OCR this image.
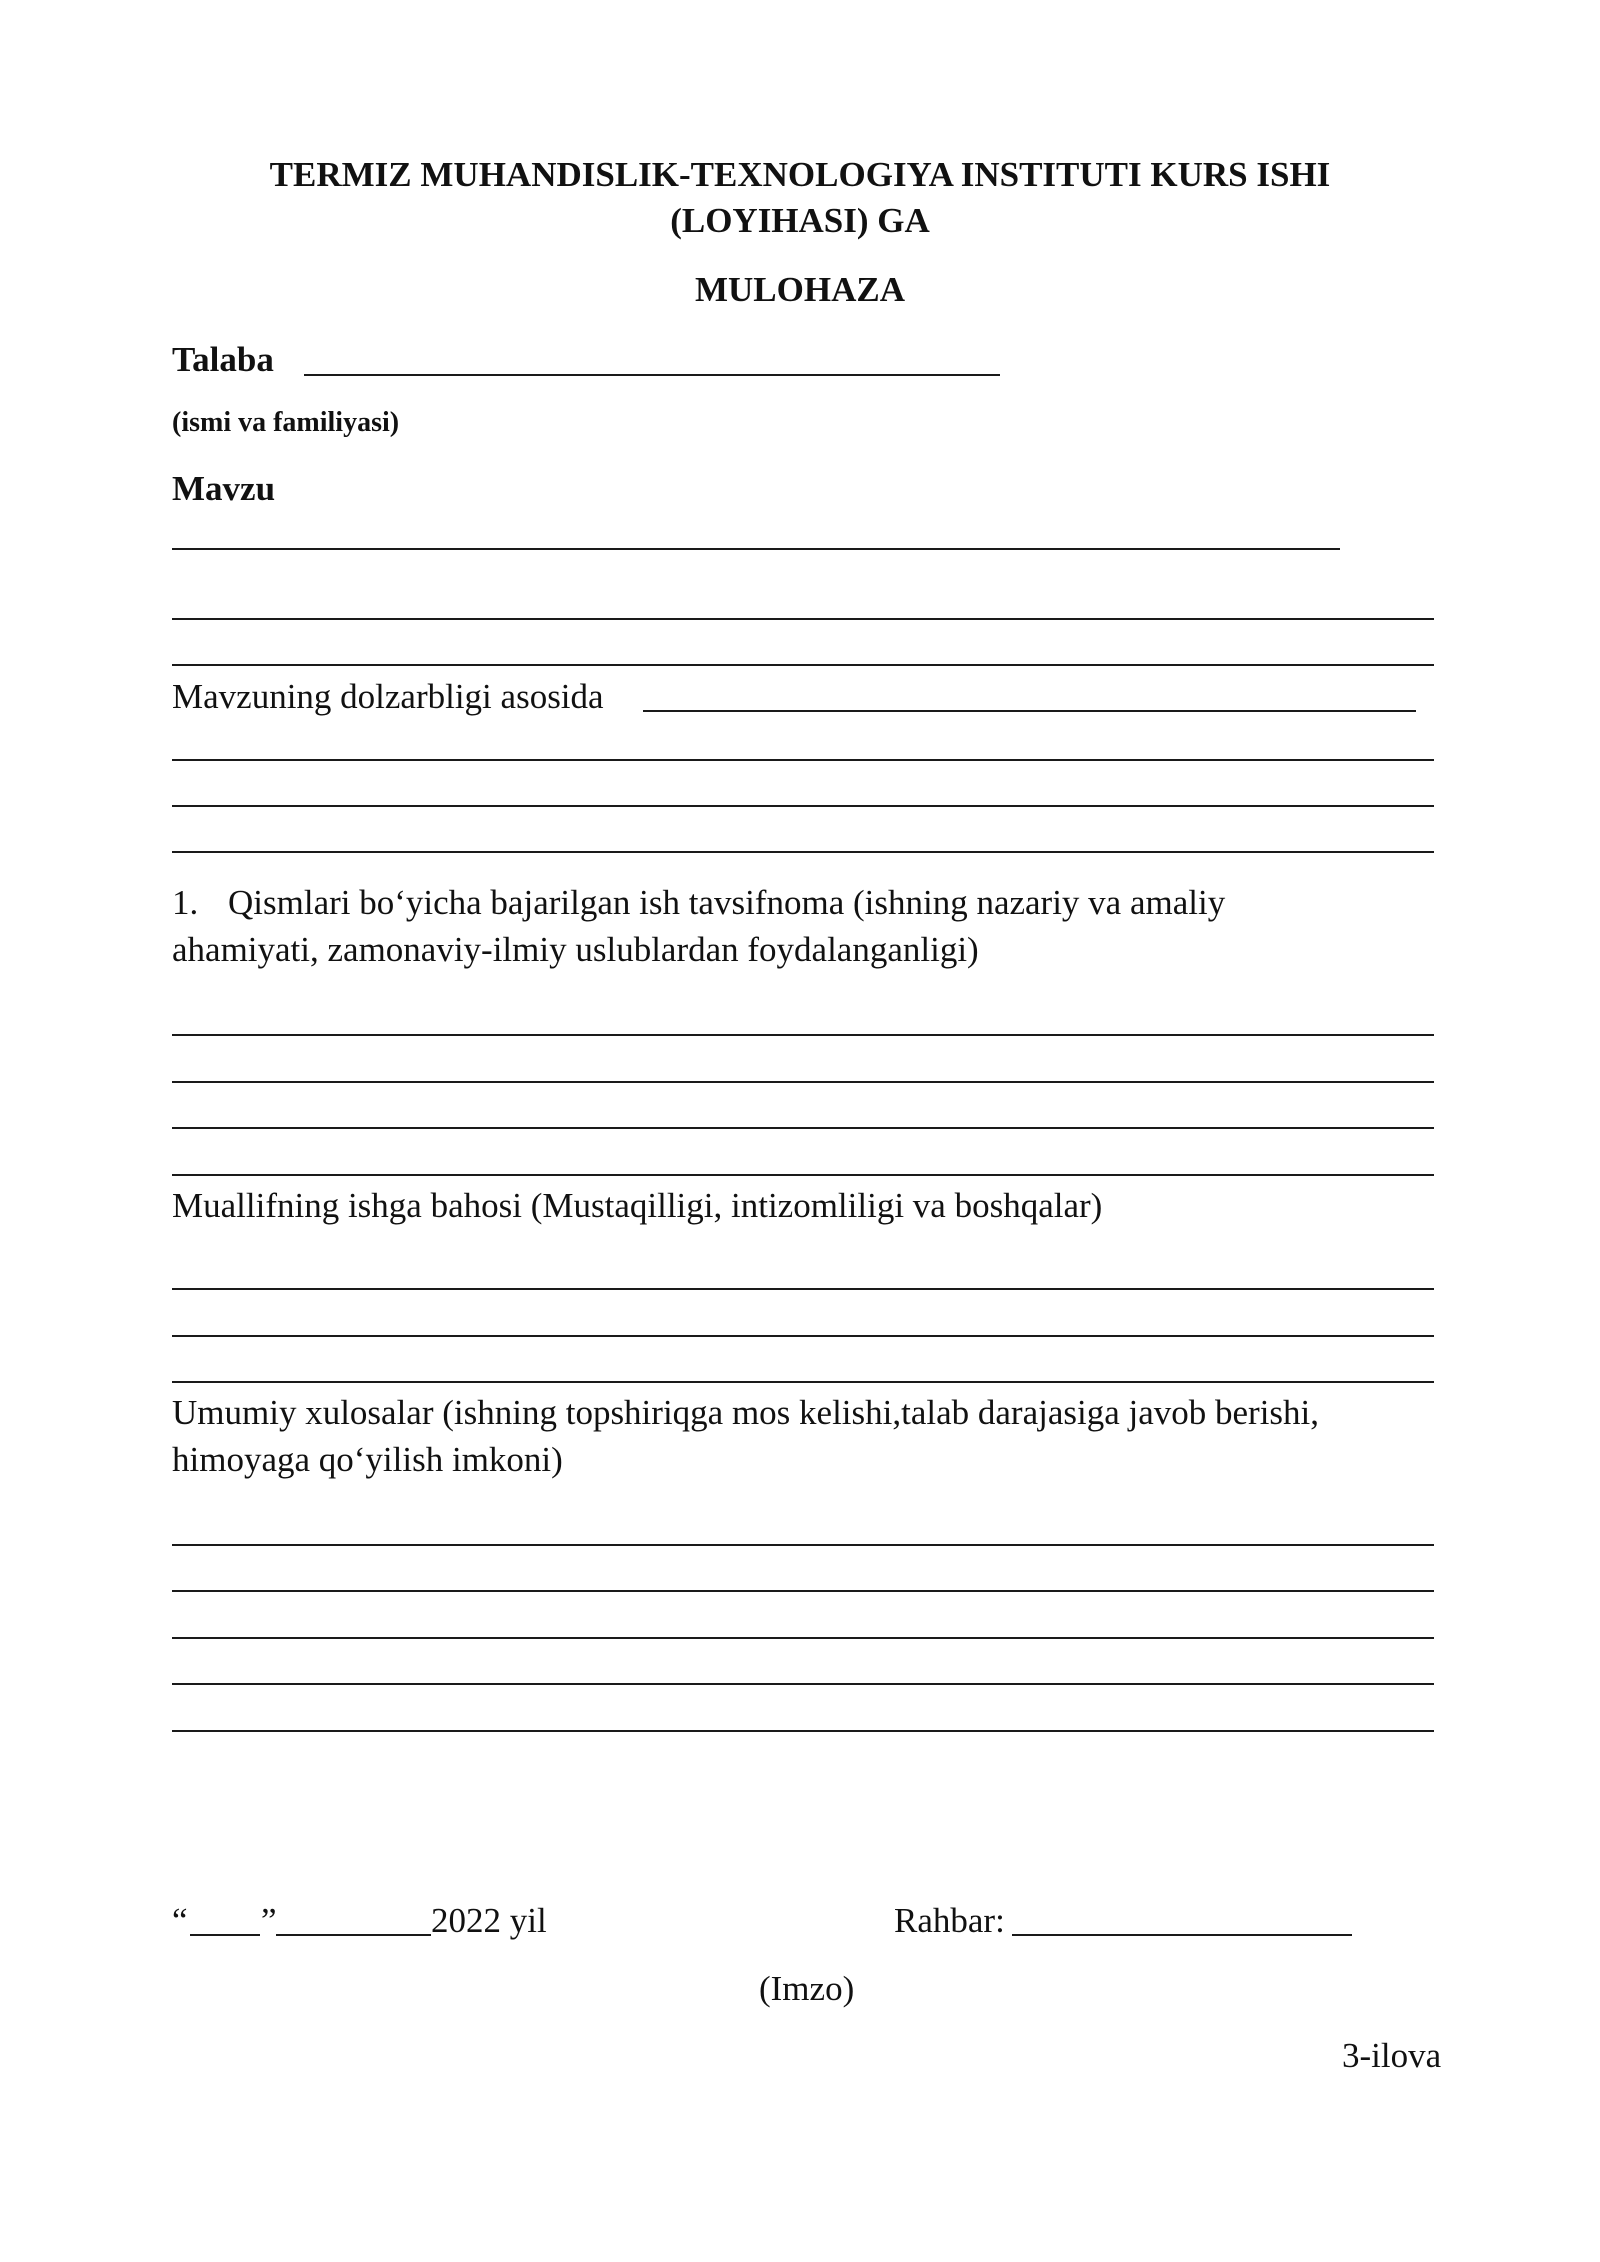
TERMIZ MUHANDISLIK-TEXNOLOGIYA INSTITUTI KURS ISHI
(LOYIHASI) GA
MULOHAZA
Talaba
(ismi va familiyasi)
Mavzu
Mavzuning dolzarbligi asosida
1. Qismlari bo‘yicha bajarilgan ish tavsifnoma (ishning nazariy va amaliy
ahamiyati, zamonaviy-ilmiy uslublardan foydalanganligi)
Muallifning ishga bahosi (Mustaqilligi, intizomliligi va boshqalar)
Umumiy xulosalar (ishning topshiriqga mos kelishi,talab darajasiga javob berishi,
himoyaga qo‘yilish imkoni)
“ ”	2022 yil	Rahbar:
(Imzo)
3-ilova
